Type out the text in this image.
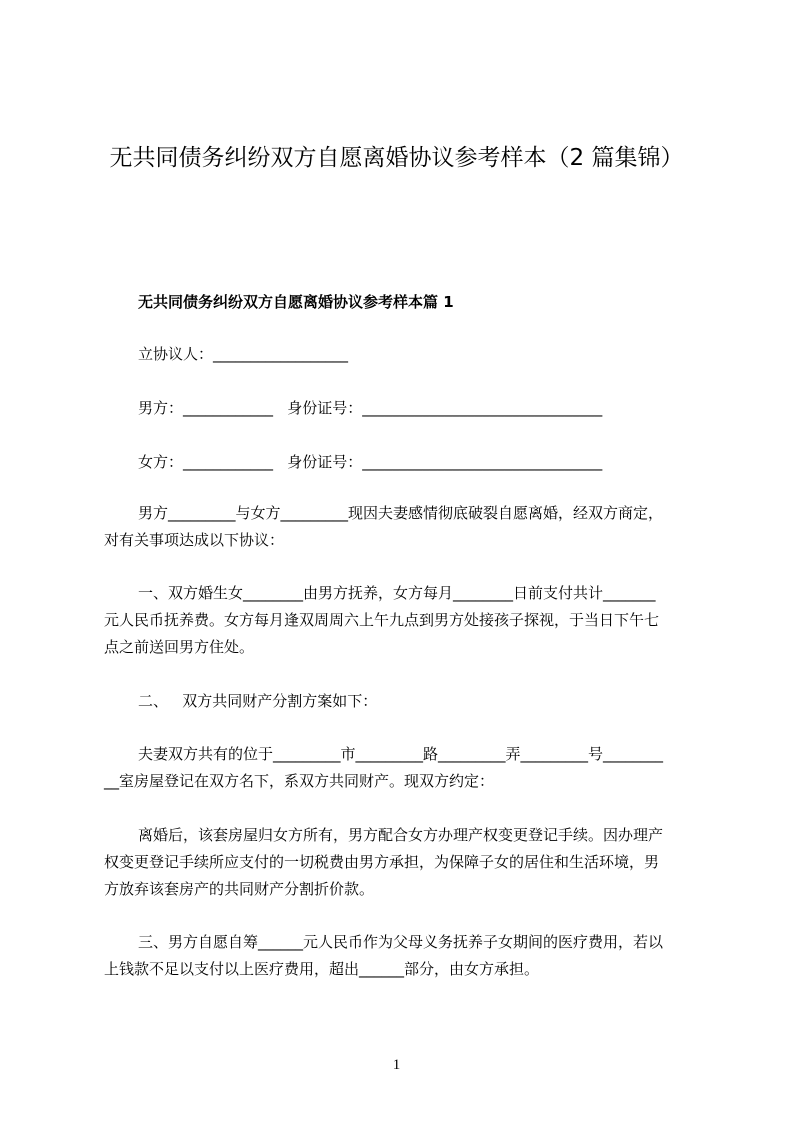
无共同债务纠纷双方自愿离婚协议参考样本（2 篇集锦）
无共同债务纠纷双方自愿离婚协议参考样本篇 1

立协议人：__________________

男方：____________   身份证号：________________________________

女方：____________   身份证号：________________________________

男方_________与女方_________现因夫妻感情彻底破裂自愿离婚，经双方商定，
对有关事项达成以下协议：
一、双方婚生女________由男方抚养，女方每月________日前支付共计_______
元人民币抚养费。女方每月逢双周周六上午九点到男方处接孩子探视，于当日下午七
点之前送回男方住处。
二、   双方共同财产分割方案如下：
夫妻双方共有的位于_________市_________路_________弄_________号________
__室房屋登记在双方名下，系双方共同财产。现双方约定：
离婚后，该套房屋归女方所有，男方配合女方办理产权变更登记手续。因办理产
权变更登记手续所应支付的一切税费由男方承担，为保障子女的居住和生活环境，男
方放弃该套房产的共同财产分割折价款。
三、男方自愿自筹______元人民币作为父母义务抚养子女期间的医疗费用，若以
上钱款不足以支付以上医疗费用，超出______部分，由女方承担。
1
